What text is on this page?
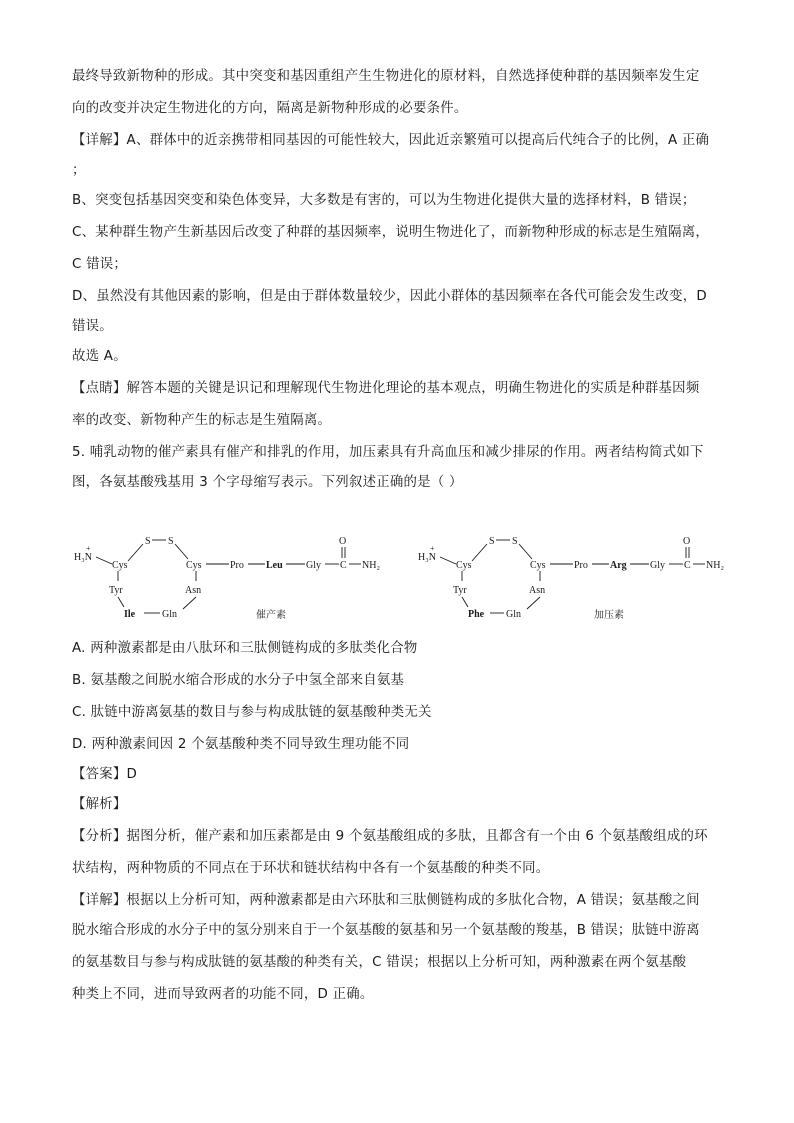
最终导致新物种的形成。其中突变和基因重组产生生物进化的原材料，自然选择使种群的基因频率发生定
向的改变并决定生物进化的方向，隔离是新物种形成的必要条件。
【详解】A、群体中的近亲携带相同基因的可能性较大，因此近亲繁殖可以提高后代纯合子的比例，A 正确
；
B、突变包括基因突变和染色体变异，大多数是有害的，可以为生物进化提供大量的选择材料，B 错误；
C、某种群生物产生新基因后改变了种群的基因频率，说明生物进化了，而新物种形成的标志是生殖隔离，
C 错误；
D、虽然没有其他因素的影响，但是由于群体数量较少，因此小群体的基因频率在各代可能会发生改变，D
错误。
故选 A。
【点睛】解答本题的关键是识记和理解现代生物进化理论的基本观点，明确生物进化的实质是种群基因频
率的改变、新物种产生的标志是生殖隔离。
5. 哺乳动物的催产素具有催产和排乳的作用，加压素具有升高血压和减少排尿的作用。两者结构简式如下
图，各氨基酸残基用 3 个字母缩写表示。下列叙述正确的是（ ）
H₃N
+
Cys
S S
Cys
Tyr	Asn
Ile	Gln
Pro Leu Gly C
O
NH₂
催产素
H₃N
+
Cys
S S
Cys
Tyr	Asn
Phe Gln
Pro Arg Gly C
O
NH₂
加压素
A. 两种激素都是由八肽环和三肽侧链构成的多肽类化合物
B. 氨基酸之间脱水缩合形成的水分子中氢全部来自氨基
C. 肽链中游离氨基的数目与参与构成肽链的氨基酸种类无关
D. 两种激素间因 2 个氨基酸种类不同导致生理功能不同
【答案】D
【解析】
【分析】据图分析，催产素和加压素都是由 9 个氨基酸组成的多肽，且都含有一个由 6 个氨基酸组成的环
状结构，两种物质的不同点在于环状和链状结构中各有一个氨基酸的种类不同。
【详解】根据以上分析可知，两种激素都是由六环肽和三肽侧链构成的多肽化合物，A 错误；氨基酸之间
脱水缩合形成的水分子中的氢分别来自于一个氨基酸的氨基和另一个氨基酸的羧基，B 错误；肽链中游离
的氨基数目与参与构成肽链的氨基酸的种类有关，C 错误；根据以上分析可知，两种激素在两个氨基酸
种类上不同，进而导致两者的功能不同，D 正确。
